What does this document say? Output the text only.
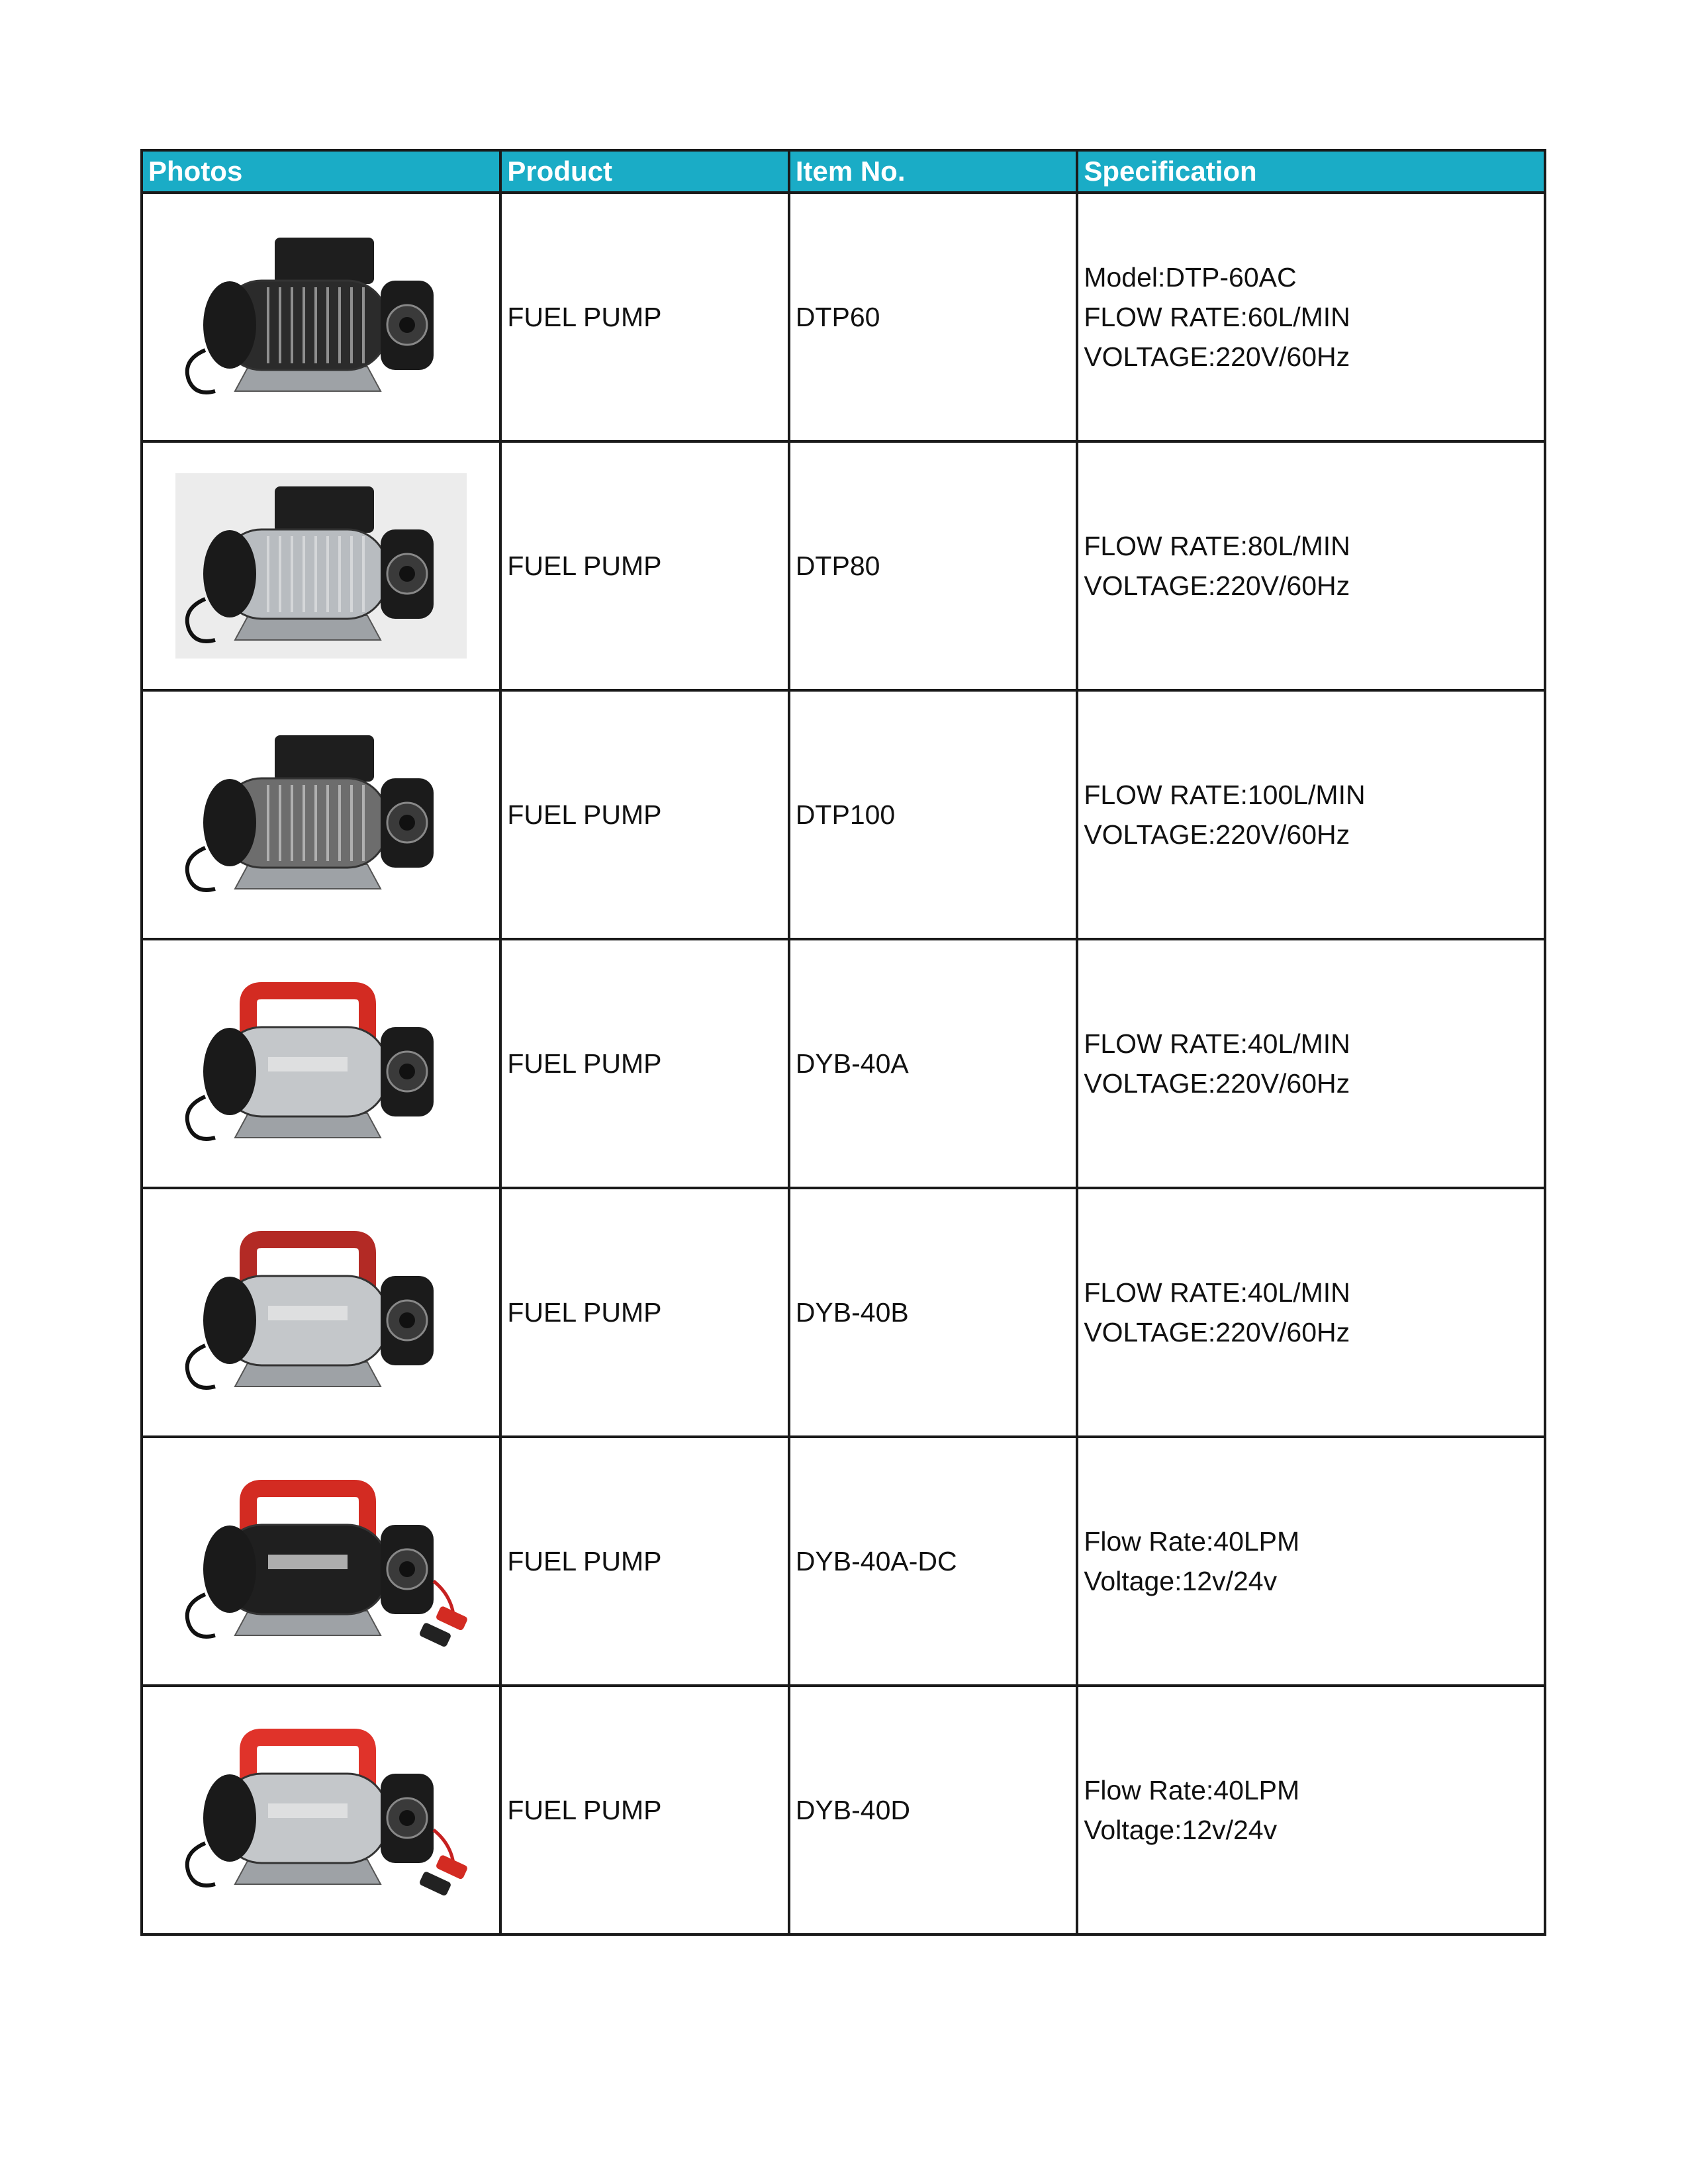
Photos	Product	Item No.	Specification

	FUEL PUMP	DTP60	Model:DTP-60AC
FLOW RATE:60L/MIN
VOLTAGE:220V/60Hz

	FUEL PUMP	DTP80	FLOW RATE:80L/MIN
VOLTAGE:220V/60Hz

	FUEL PUMP	DTP100	FLOW RATE:100L/MIN
VOLTAGE:220V/60Hz

	FUEL PUMP	DYB-40A	FLOW RATE:40L/MIN
VOLTAGE:220V/60Hz

	FUEL PUMP	DYB-40B	FLOW RATE:40L/MIN
VOLTAGE:220V/60Hz

	FUEL PUMP	DYB-40A-DC	Flow Rate:40LPM
Voltage:12v/24v

	FUEL PUMP	DYB-40D	Flow Rate:40LPM
Voltage:12v/24v
